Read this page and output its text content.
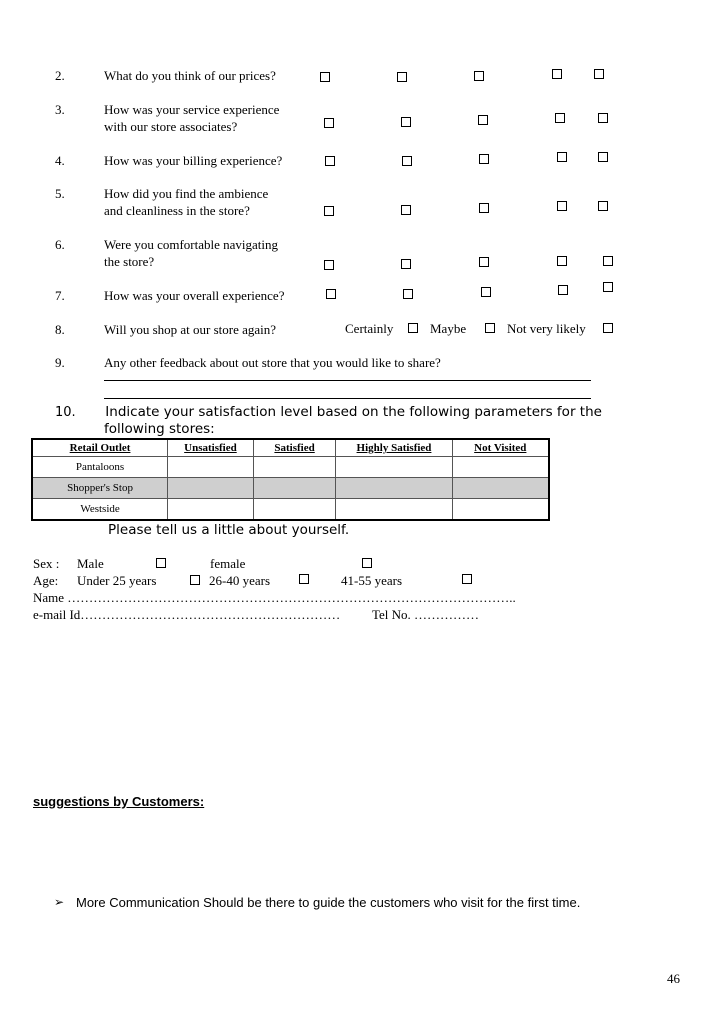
2.	What do you think of our prices?
3.	How was your service experience
with our store associates?
4.	How was your billing experience?
5.	How did you find the ambience
and cleanliness in the store?
6.	Were you comfortable navigating
the store?
7.	How was your overall experience?
8.	Will you shop at our store again?	Certainly	Maybe	Not very likely
9.	Any other feedback about out store that you would like to share?
10. Indicate your satisfaction level based on the following parameters for the
following stores:
Retail Outlet	Unsatisfied	Satisfied	Highly Satisfied	Not Visited
Pantaloons				
Shopper's Stop				
Westside				
Please tell us a little about yourself.
Sex : Male	female
Age: Under 25 years	26-40 years	41-55 years
Name …………………………………………………………………………………………..
e-mail Id…………………………………………………… Tel No. ……………
suggestions by Customers:
➢ More Communication Should be there to guide the customers who visit for the first time.
46
